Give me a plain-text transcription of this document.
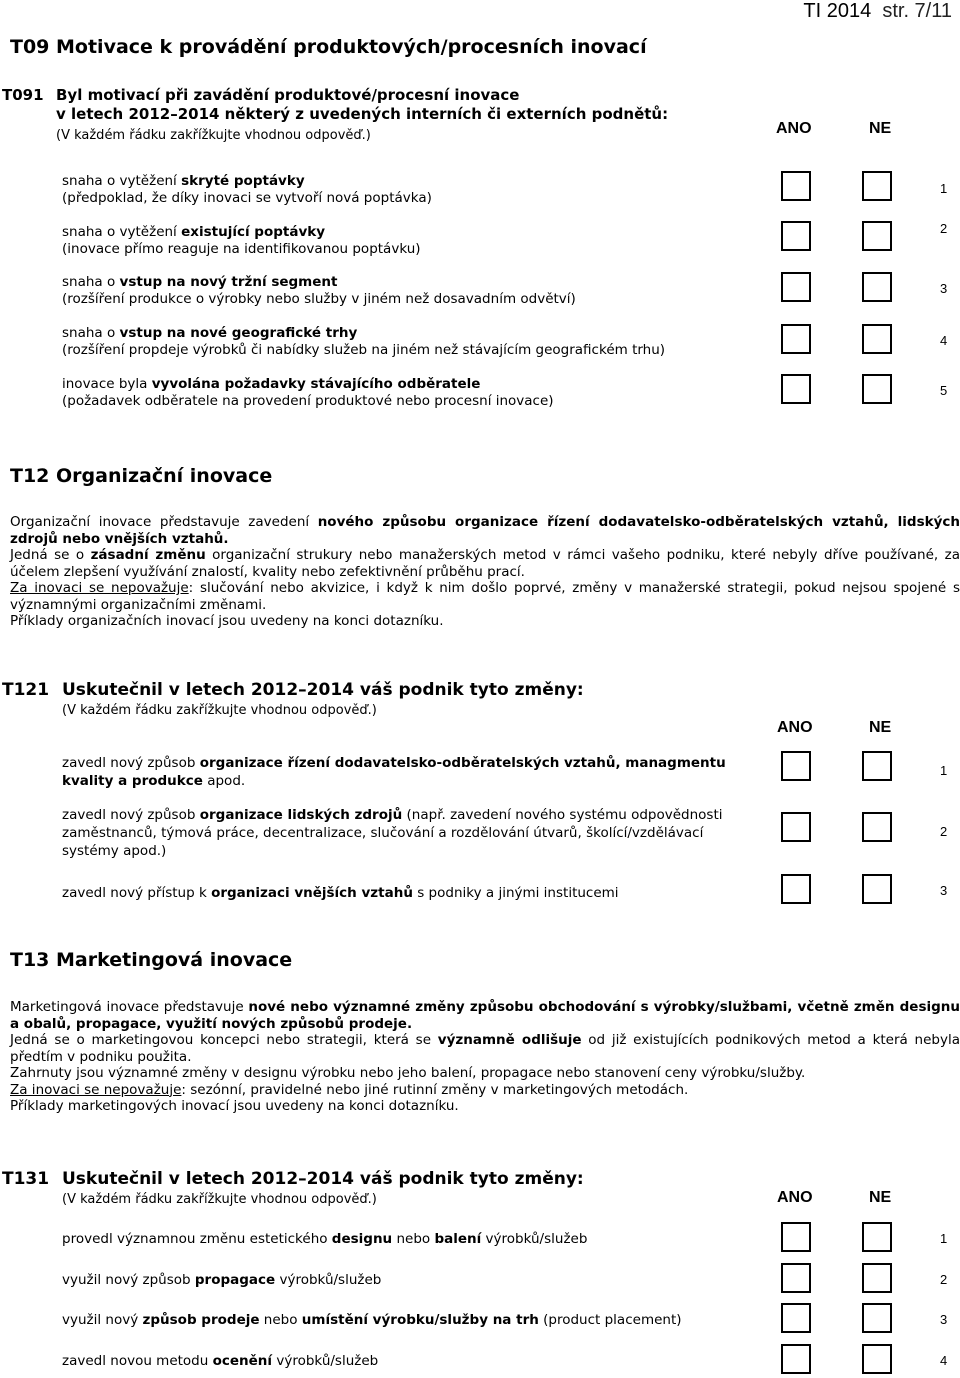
TI 2014 str. 7/11
T09 Motivace k provádění produktových/procesních inovací
T091 Byl motivací při zavádění produktové/procesní inovace
v letech 2012–2014 některý z uvedených interních či externích podnětů:
(V každém řádku zakřížkujte vhodnou odpověď.)	ANO	NE
snaha o vytěžení skryté poptávky
(předpoklad, že díky inovaci se vytvoří nová poptávka)
1
snaha o vytěžení existující poptávky
(inovace přímo reaguje na identifikovanou poptávku)
2
snaha o vstup na nový tržní segment
(rozšíření produkce o výrobky nebo služby v jiném než dosavadním odvětví)
3
snaha o vstup na nové geografické trhy
(rozšíření propdeje výrobků či nabídky služeb na jiném než stávajícím geografickém trhu)
4
inovace byla vyvolána požadavky stávajícího odběratele
(požadavek odběratele na provedení produktové nebo procesní inovace)
5
T12 Organizační inovace

Organizační inovace představuje zavedení nového způsobu organizace řízení dodavatelsko-odběratelských vztahů, lidských zdrojů nebo vnějších vztahů.

Jedná se o zásadní změnu organizační strukury nebo manažerských metod v rámci vašeho podniku, které nebyly dříve používané, za účelem zlepšení využívání znalostí, kvality nebo zefektivnění průběhu prací.

Za inovaci se nepovažuje: slučování nebo akvizice, i když k nim došlo poprvé, změny v manažerské strategii, pokud nejsou spojené s významnými organizačními změnami.

Příklady organizačních inovací jsou uvedeny na konci dotazníku.

T121 Uskutečnil v letech 2012–2014 váš podnik tyto změny:
(V každém řádku zakřížkujte vhodnou odpověď.)
ANO	NE
zavedl nový způsob organizace řízení dodavatelsko-odběratelských vztahů, managmentu kvality a produkce apod.
1
zavedl nový způsob organizace lidských zdrojů (např. zavedení nového systému odpovědnosti zaměstnanců, týmová práce, decentralizace, slučování a rozdělování útvarů, školící/vzdělávací systémy apod.)
2
zavedl nový přístup k organizaci vnějších vztahů s podniky a jinými institucemi	3
T13 Marketingová inovace

Marketingová inovace představuje nové nebo významné změny způsobu obchodování s výrobky/službami, včetně změn designu a obalů, propagace, využití nových způsobů prodeje.

Jedná se o marketingovou koncepci nebo strategii, která se významně odlišuje od již existujících podnikových metod a která nebyla předtím v podniku použita.

Zahrnuty jsou významné změny v designu výrobku nebo jeho balení, propagace nebo stanovení ceny výrobku/služby.

Za inovaci se nepovažuje: sezónní, pravidelné nebo jiné rutinní změny v marketingových metodách.

Příklady marketingových inovací jsou uvedeny na konci dotazníku.

T131 Uskutečnil v letech 2012–2014 váš podnik tyto změny:
(V každém řádku zakřížkujte vhodnou odpověď.)	ANO	NE
provedl významnou změnu estetického designu nebo balení výrobků/služeb	1
využil nový způsob propagace výrobků/služeb	2
využil nový způsob prodeje nebo umístění výrobku/služby na trh (product placement)	3
zavedl novou metodu ocenění výrobků/služeb	4
